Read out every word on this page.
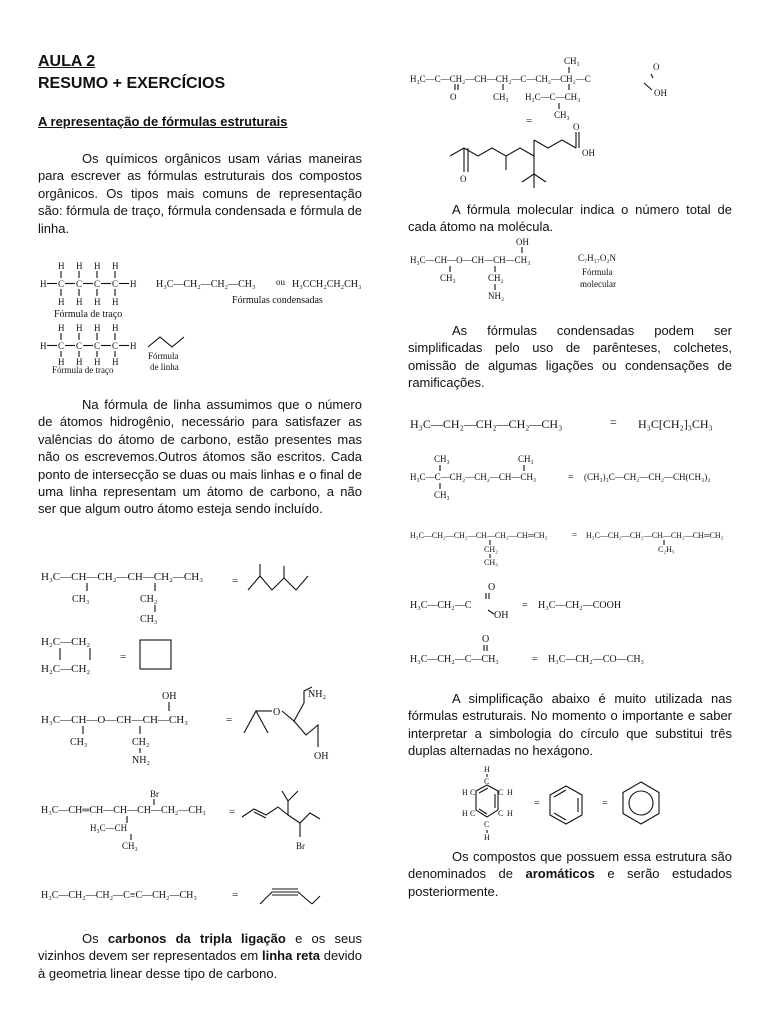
AULA 2
RESUMO + EXERCÍCIOS
A representação de fórmulas estruturais
Os químicos orgânicos usam várias maneiras para escrever as fórmulas estruturais dos compostos orgânicos. Os tipos mais comuns de representação são: fórmula de traço, fórmula condensada e fórmula de linha.
H H H H
H C C C C H
H H H H
Fórmula de traço
H₃C—CH₂—CH₂—CH₃ ou H₃CCH₂CH₂CH₃
Fórmulas condensadas
H H H H
H C C C C H
H H H H
Fórmula de traço
Fórmula
de linha
Na fórmula de linha assumimos que o número de átomos hidrogênio, necessário para satisfazer as valências do átomo de carbono, estão presentes mas não os escrevemos.Outros átomos são escritos. Cada ponto de intersecção se duas ou mais linhas e o final de uma linha representam um átomo de carbono, a não ser que algum outro átomo esteja sendo incluído.
H₃C—CH—CH₂—CH—CH₂—CH₃
CH₃	CH₂
CH₃
=
H₂C—CH₂
H₂C—CH₂
=
OH
H₃C—CH—O—CH—CH—CH₃
CH₃	CH₂
NH₂
=
O
NH₂
OH
Br
H₃C—CH═CH—CH—CH—CH₂—CH₃
H₃C—CH
CH₃
=
Br
H₃C—CH₂—CH₂—C≡C—CH₂—CH₃	=
Os carbonos da tripla ligação e os seus vizinhos devem ser representados em linha reta devido à geometria linear desse tipo de carbono.
CH₃
O
H₃C—C—CH₂—CH—CH₂—C—CH₂—CH₂—C
O	CH₃ H₃C—C—CH₃
CH₃
OH
=
O
O
OH
A fórmula molecular indica o número total de cada átomo na molécula.
OH
H₃C—CH—O—CH—CH—CH₃
CH₃	CH₂
NH₂
C₇H₁₇O₂N
Fórmula
molecular
As fórmulas condensadas podem ser simplificadas pelo uso de parênteses, colchetes, omissão de algumas ligações ou condensações de ramificações.
H₃C—CH₂—CH₂—CH₂—CH₃	= H₃C[CH₂]₃CH₃
CH₃	CH₃
H₃C—C—CH₂—CH₂—CH—CH₃
CH₃
= (CH₃)₃C—CH₂—CH₂—CH(CH₃)₂
H₃C—CH₂—CH₂—CH—CH₂—CH═CH₂
CH₂
CH₃
= H₃C—CH₂—CH₂—CH—CH₂—CH═CH₂
C₂H₅
O
H₃C—CH₂—C
OH
= H₃C—CH₂—COOH
O
H₃C—CH₂—C—CH₃	= H₃C—CH₂—CO—CH₃
A simplificação abaixo é muito utilizada nas fórmulas estruturais. No momento o importante e saber interpretar a simbologia do círculo que substitui três duplas alternadas no hexágono.
H
C
H C	C H
H C	C H
C
H
=	=
Os compostos que possuem essa estrutura são denominados de aromáticos e serão estudados posteriormente.
